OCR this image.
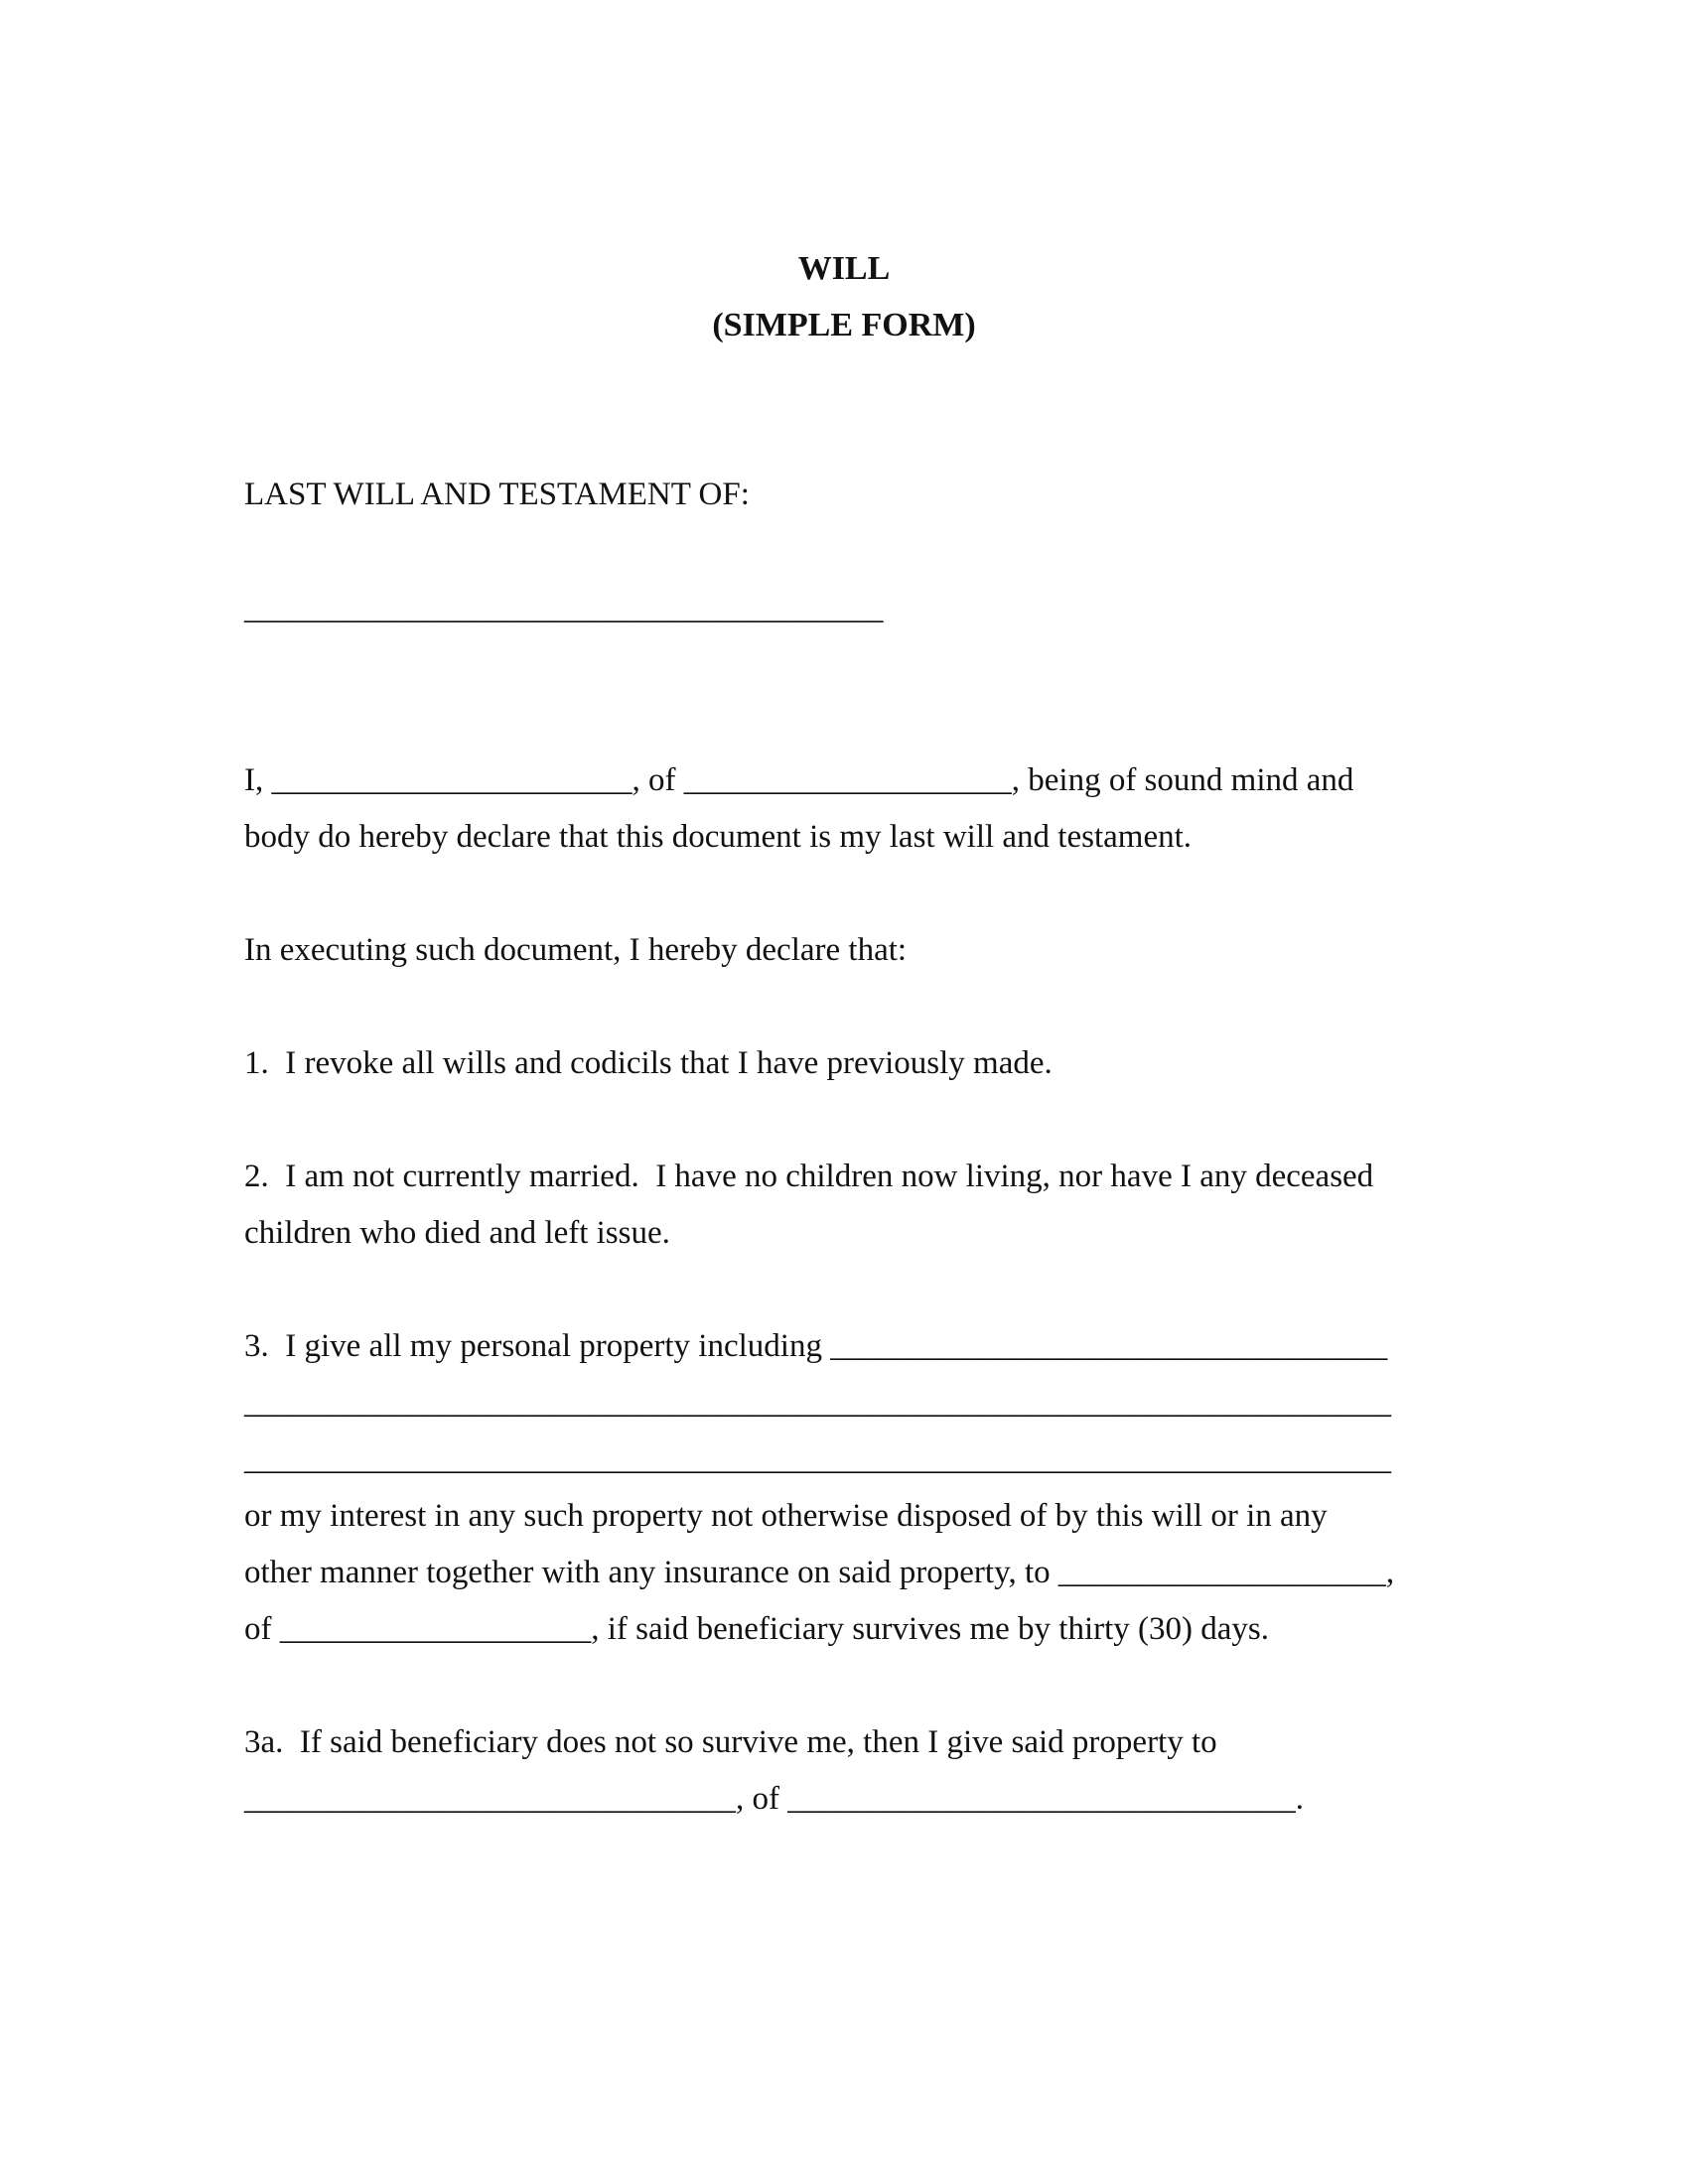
WILL
(SIMPLE FORM)
LAST WILL AND TESTAMENT OF:
_______________________________________
I, ______________________, of ____________________, being of sound mind and
body do hereby declare that this document is my last will and testament.
In executing such document, I hereby declare that:
1.  I revoke all wills and codicils that I have previously made.
2.  I am not currently married.  I have no children now living, nor have I any deceased
children who died and left issue.
3.  I give all my personal property including __________________________________
______________________________________________________________________
______________________________________________________________________
or my interest in any such property not otherwise disposed of by this will or in any
other manner together with any insurance on said property, to ____________________,
of ___________________, if said beneficiary survives me by thirty (30) days.
3a.  If said beneficiary does not so survive me, then I give said property to
______________________________, of _______________________________.
